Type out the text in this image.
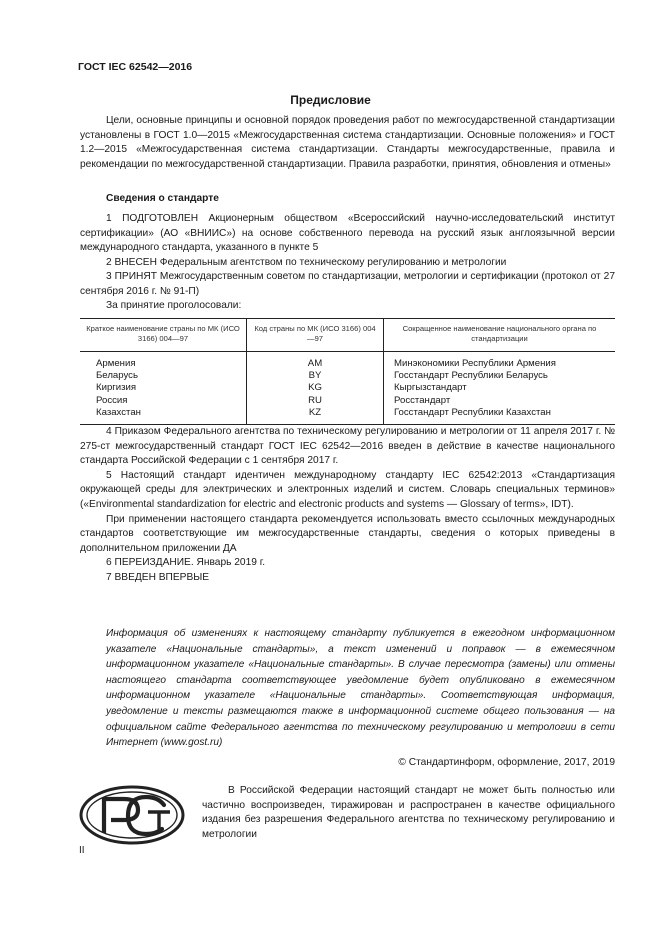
ГОСТ IEC 62542—2016
Предисловие

Цели, основные принципы и основной порядок проведения работ по межгосударственной стандартизации установлены в ГОСТ 1.0—2015 «Межгосударственная система стандартизации. Основные положения» и ГОСТ 1.2—2015 «Межгосударственная система стандартизации. Стандарты межгосударственные, правила и рекомендации по межгосударственной стандартизации. Правила разработки, принятия, обновления и отмены»

Сведения о стандарте

1 ПОДГОТОВЛЕН Акционерным обществом «Всероссийский научно-исследовательский институт сертификации» (АО «ВНИИС») на основе собственного перевода на русский язык англоязычной версии международного стандарта, указанного в пункте 5

2 ВНЕСЕН Федеральным агентством по техническому регулированию и метрологии

3 ПРИНЯТ Межгосударственным советом по стандартизации, метрологии и сертификации (протокол от 27 сентября 2016 г. № 91-П)

За принятие проголосовали:

Краткое наименование страны по МК (ИСО 3166) 004—97	Код страны по МК (ИСО 3166) 004—97	Сокращенное наименование национального органа по стандартизации
Армения	AM	Минэкономики Республики Армения
Беларусь	BY	Госстандарт Республики Беларусь
Киргизия	KG	Кыргызстандарт
Россия	RU	Росстандарт
Казахстан	KZ	Госстандарт Республики Казахстан

4 Приказом Федерального агентства по техническому регулированию и метрологии от 11 апреля 2017 г. № 275-ст межгосударственный стандарт ГОСТ IEC 62542—2016 введен в действие в качестве национального стандарта Российской Федерации с 1 сентября 2017 г.

5 Настоящий стандарт идентичен международному стандарту IEC 62542:2013 «Стандартизация окружающей среды для электрических и электронных изделий и систем. Словарь специальных терминов» («Environmental standardization for electric and electronic products and systems — Glossary of terms», IDT).

При применении настоящего стандарта рекомендуется использовать вместо ссылочных международных стандартов соответствующие им межгосударственные стандарты, сведения о которых приведены в дополнительном приложении ДА

6 ПЕРЕИЗДАНИЕ. Январь 2019 г.

7 ВВЕДЕН ВПЕРВЫЕ

Информация об изменениях к настоящему стандарту публикуется в ежегодном информационном указателе «Национальные стандарты», а текст изменений и поправок — в ежемесячном информационном указателе «Национальные стандарты». В случае пересмотра (замены) или отмены настоящего стандарта соответствующее уведомление будет опубликовано в ежемесячном информационном указателе «Национальные стандарты». Соответствующая информация, уведомление и тексты размещаются также в информационной системе общего пользования — на официальном сайте Федерального агентства по техническому регулированию и метрологии в сети Интернет (www.gost.ru)
© Стандартинформ, оформление, 2017, 2019

В Российской Федерации настоящий стандарт не может быть полностью или частично воспроизведен, тиражирован и распространен в качестве официального издания без разрешения Федерального агентства по техническому регулированию и метрологии

II
